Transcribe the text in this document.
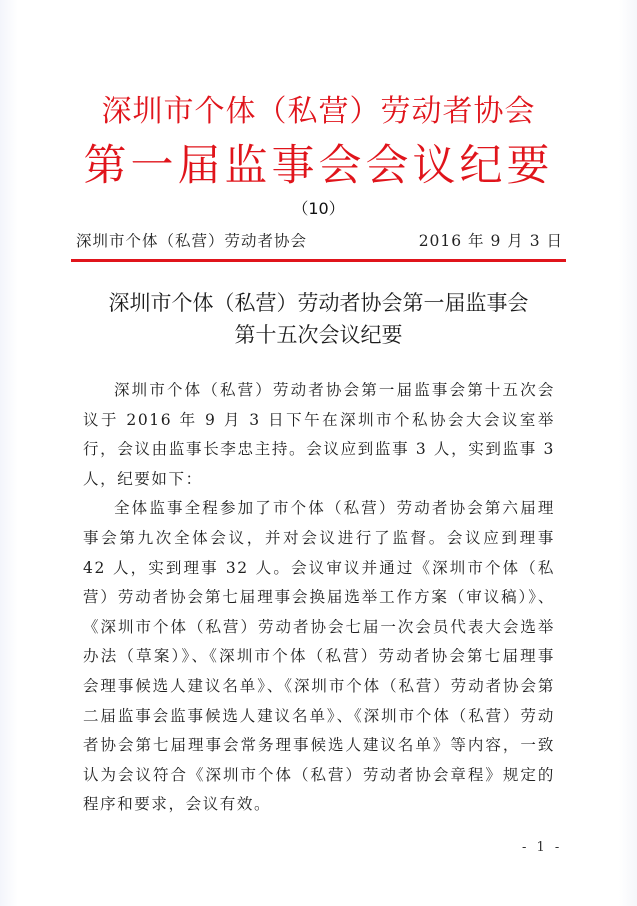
深圳市个体（私营）劳动者协会
第一届监事会会议纪要
（10）
深圳市个体（私营）劳动者协会	2016 年 9 月 3 日
深圳市个体（私营）劳动者协会第一届监事会
第十五次会议纪要

深圳市个体（私营）劳动者协会第一届监事会第十五次会议于 2016 年 9 月 3 日下午在深圳市个私协会大会议室举行，会议由监事长李忠主持。会议应到监事 3 人，实到监事 3 人，纪要如下：

全体监事全程参加了市个体（私营）劳动者协会第六届理事会第九次全体会议，并对会议进行了监督。会议应到理事 42 人，实到理事 32 人。会议审议并通过《深圳市个体（私营）劳动者协会第七届理事会换届选举工作方案（审议稿）》、《深圳市个体（私营）劳动者协会七届一次会员代表大会选举办法（草案）》、《深圳市个体（私营）劳动者协会第七届理事会理事候选人建议名单》、《深圳市个体（私营）劳动者协会第二届监事会监事候选人建议名单》、《深圳市个体（私营）劳动者协会第七届理事会常务理事候选人建议名单》等内容，一致认为会议符合《深圳市个体（私营）劳动者协会章程》规定的程序和要求，会议有效。

- 1 -
